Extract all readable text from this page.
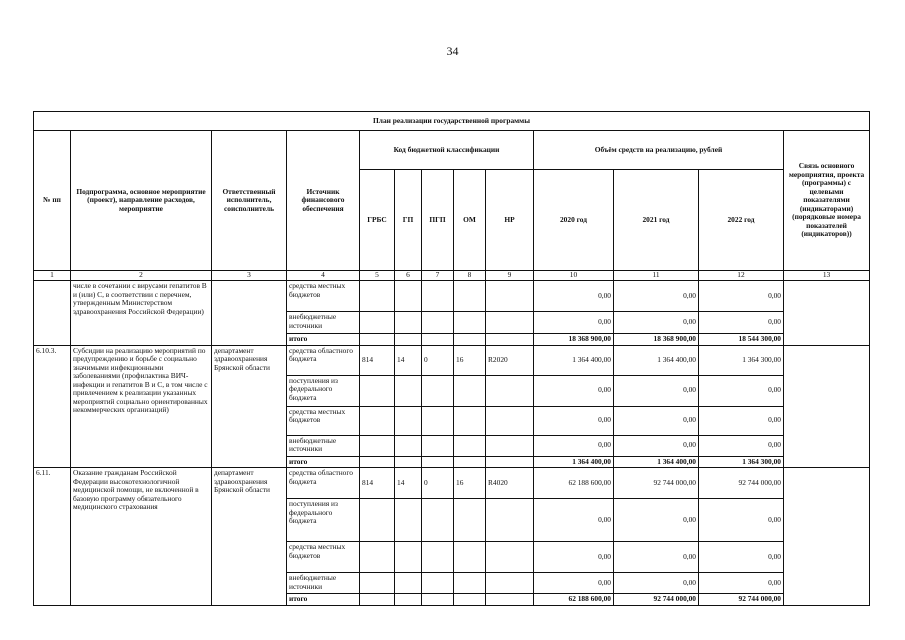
34
План реализации государственной программы												
№ пп	Подпрограмма, основное мероприятие (проект), направление расходов, мероприятие	Ответственный исполнитель, соисполнитель	Источник финансового обеспечения	Код бюджетной классификации					Объём средств на реализацию, рублей			Связь основного мероприятия, проекта (программы) с целевыми показателями (индикаторами) (порядковые номера показателей (индикаторов))
				ГРБС	ГП	ПГП	ОМ	НР	2020 год	2021 год	2022 год	
1	2	3	4	5	6	7	8	9	10	11	12	13
	числе в сочетании с вирусами гепатитов В и (или) С, в соответствии с перечнем, утвержденным Министерством здравоохранения Российской Федерации)		средства местных бюджетов						0,00	0,00	0,00	
			внебюджетные источники						0,00	0,00	0,00	
			итого						18 368 900,00	18 368 900,00	18 544 300,00	
6.10.3.	Субсидии на реализацию мероприятий по предупреждению и борьбе с социально значимыми инфекционными заболеваниями (профилактика ВИЧ-инфекции и гепатитов В и С, в том числе с привлечением к реализации указанных мероприятий социально ориентированных некоммерческих организаций)	департамент здравоохранения Брянской области	средства областного бюджета	814	14	0	16	R2020	1 364 400,00	1 364 400,00	1 364 300,00	
			поступления из федерального бюджета						0,00	0,00	0,00	
			средства местных бюджетов						0,00	0,00	0,00	
			внебюджетные источники						0,00	0,00	0,00	
			итого						1 364 400,00	1 364 400,00	1 364 300,00	
6.11.	Оказание гражданам Российской Федерации высокотехнологичной медицинской помощи, не включенной в базовую программу обязательного медицинского страхования	департамент здравоохранения Брянской области	средства областного бюджета	814	14	0	16	R4020	62 188 600,00	92 744 000,00	92 744 000,00	
			поступления из федерального бюджета						0,00	0,00	0,00	
			средства местных бюджетов						0,00	0,00	0,00	
			внебюджетные источники						0,00	0,00	0,00	
			итого						62 188 600,00	92 744 000,00	92 744 000,00	
